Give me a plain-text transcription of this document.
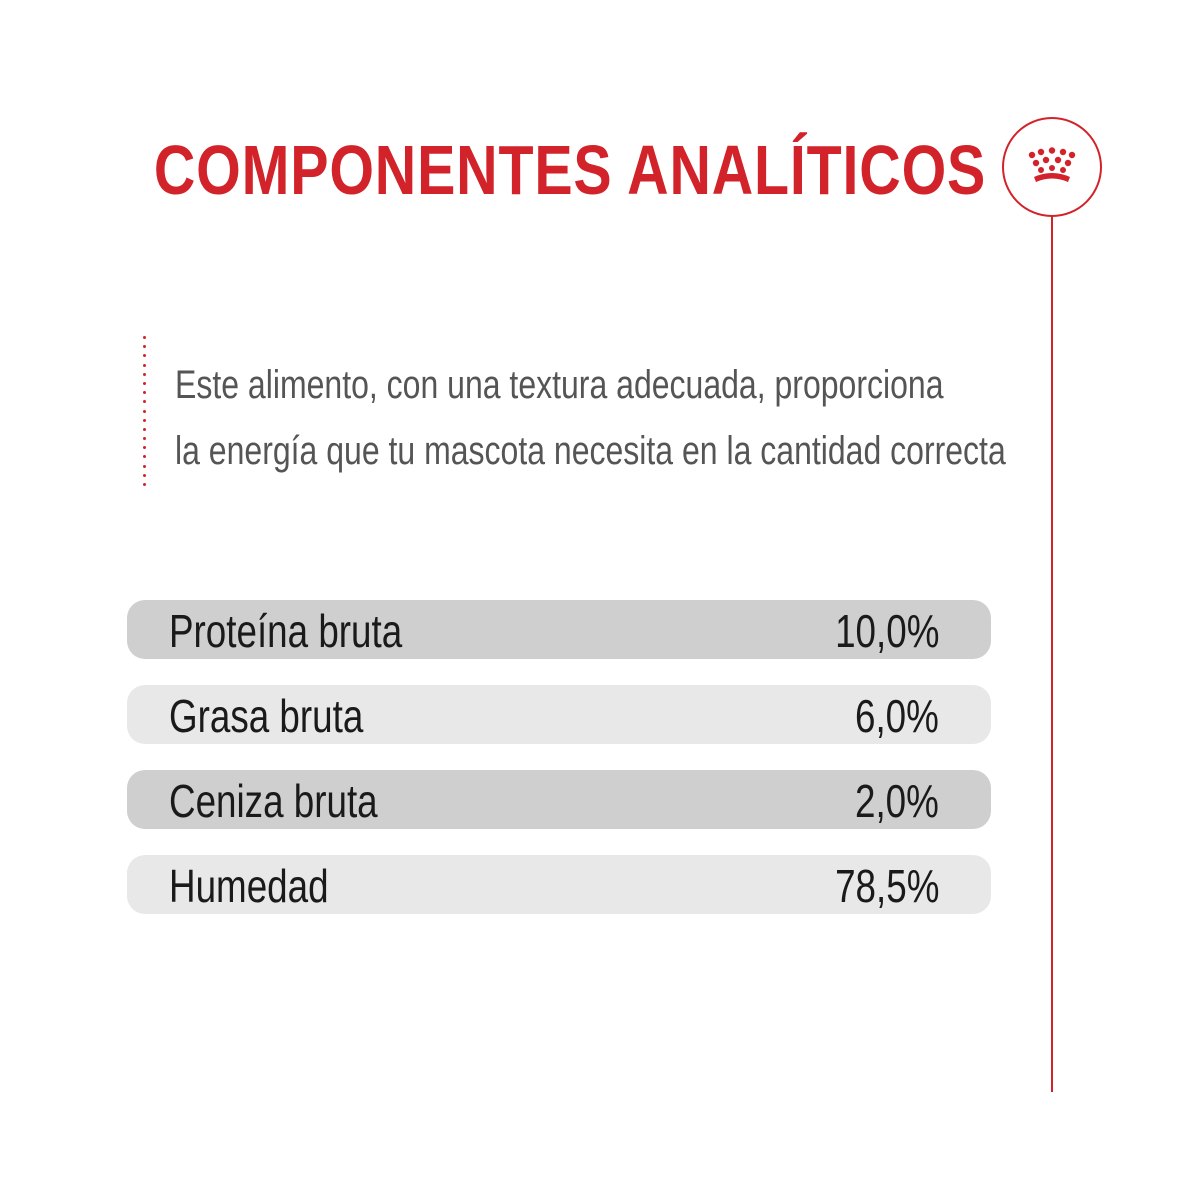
COMPONENTES ANALÍTICOS
Este alimento, con una textura adecuada, proporciona
la energía que tu mascota necesita en la cantidad correcta
Proteína bruta	10,0%
Grasa bruta	6,0%
Ceniza bruta	2,0%
Humedad	78,5%
